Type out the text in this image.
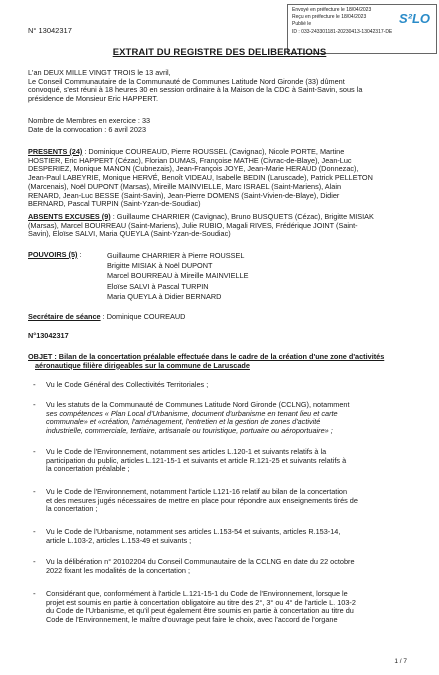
N° 13042317
Envoyé en préfecture le 18/04/2023
Reçu en préfecture le 18/04/2023
Publié le
ID : 033-243301181-20230413-13042317-DE
S²LO
EXTRAIT DU REGISTRE DES DELIBERATIONS
L'an DEUX MILLE VINGT TROIS le 13 avril,
Le Conseil Communautaire de la Communauté de Communes Latitude Nord Gironde (33) dûment
convoqué, s'est réuni à 18 heures 30 en session ordinaire à la Maison de la CDC à Saint-Savin, sous la
présidence de Monsieur Eric HAPPERT.
Nombre de Membres en exercice : 33
Date de la convocation : 6 avril 2023
PRESENTS (24) : Dominique COUREAUD, Pierre ROUSSEL (Cavignac), Nicole PORTE, Martine
HOSTIER, Eric HAPPERT (Cézac), Florian DUMAS, Françoise MATHE (Civrac-de-Blaye), Jean-Luc
DESPERIEZ, Monique MANON (Cubnezais), Jean-François JOYE, Jean-Marie HERAUD (Donnezac),
Jean-Paul LABEYRIE, Monique HERVÉ, Benoît VIDEAU, Isabelle BEDIN (Laruscade), Patrick PELLETON
(Marcenais), Noël DUPONT (Marsas), Mireille MAINVIELLE, Marc ISRAEL (Saint-Mariens), Alain
RENARD, Jean-Luc BESSE (Saint-Savin), Jean-Pierre DOMENS (Saint-Vivien-de-Blaye), Didier
BERNARD, Pascal TURPIN (Saint-Yzan-de-Soudiac)
ABSENTS EXCUSES (9) : Guillaume CHARRIER (Cavignac), Bruno BUSQUETS (Cézac), Brigitte MISIAK
(Marsas), Marcel BOURREAU (Saint-Mariens), Julie RUBIO, Magali RIVES, Frédérique JOINT (Saint-
Savin), Eloïse SALVI, Maria QUEYLA (Saint-Yzan-de-Soudiac)
POUVOIRS (5) :	Guillaume CHARRIER à Pierre ROUSSEL
Brigitte MISIAK à Noël DUPONT
Marcel BOURREAU à Mireille MAINVIELLE
Eloïse SALVI à Pascal TURPIN
Maria QUEYLA à Didier BERNARD
Secrétaire de séance : Dominique COUREAUD
N°13042317
OBJET : Bilan de la concertation préalable effectuée dans le cadre de la création d'une zone d'activités
aéronautique filière dirigeables sur la commune de Laruscade
- Vu le Code Général des Collectivités Territoriales ;
- Vu les statuts de la Communauté de Communes Latitude Nord Gironde (CCLNG), notamment
ses compétences « Plan Local d'Urbanisme, document d'urbanisme en tenant lieu et carte
communale» et «création, l'aménagement, l'entretien et la gestion de zones d'activité
industrielle, commerciale, tertiaire, artisanale ou touristique, portuaire ou aéroportuaire» ;
- Vu le Code de l'Environnement, notamment ses articles L.120-1 et suivants relatifs à la
participation du public, articles L.121-15-1 et suivants et article R.121-25 et suivants relatifs à
la concertation préalable ;
- Vu le Code de l'Environnement, notamment l'article L121-16 relatif au bilan de la concertation
et des mesures jugés nécessaires de mettre en place pour répondre aux enseignements tirés de
la concertation ;
- Vu le Code de l'Urbanisme, notamment ses articles L.153-54 et suivants, articles R.153-14,
article L.103-2, articles L.153-49 et suivants ;
- Vu la délibération n° 20102204 du Conseil Communautaire de la CCLNG en date du 22 octobre
2022 fixant les modalités de la concertation ;
- Considérant que, conformément à l'article L.121-15-1 du Code de l'Environnement, lorsque le
projet est soumis en partie à concertation obligatoire au titre des 2°, 3° ou 4° de l'article L. 103-2
du Code de l'Urbanisme, et qu'il peut également être soumis en partie à concertation au titre du
Code de l'Environnement, le maître d'ouvrage peut faire le choix, avec l'accord de l'organe
1 / 7
